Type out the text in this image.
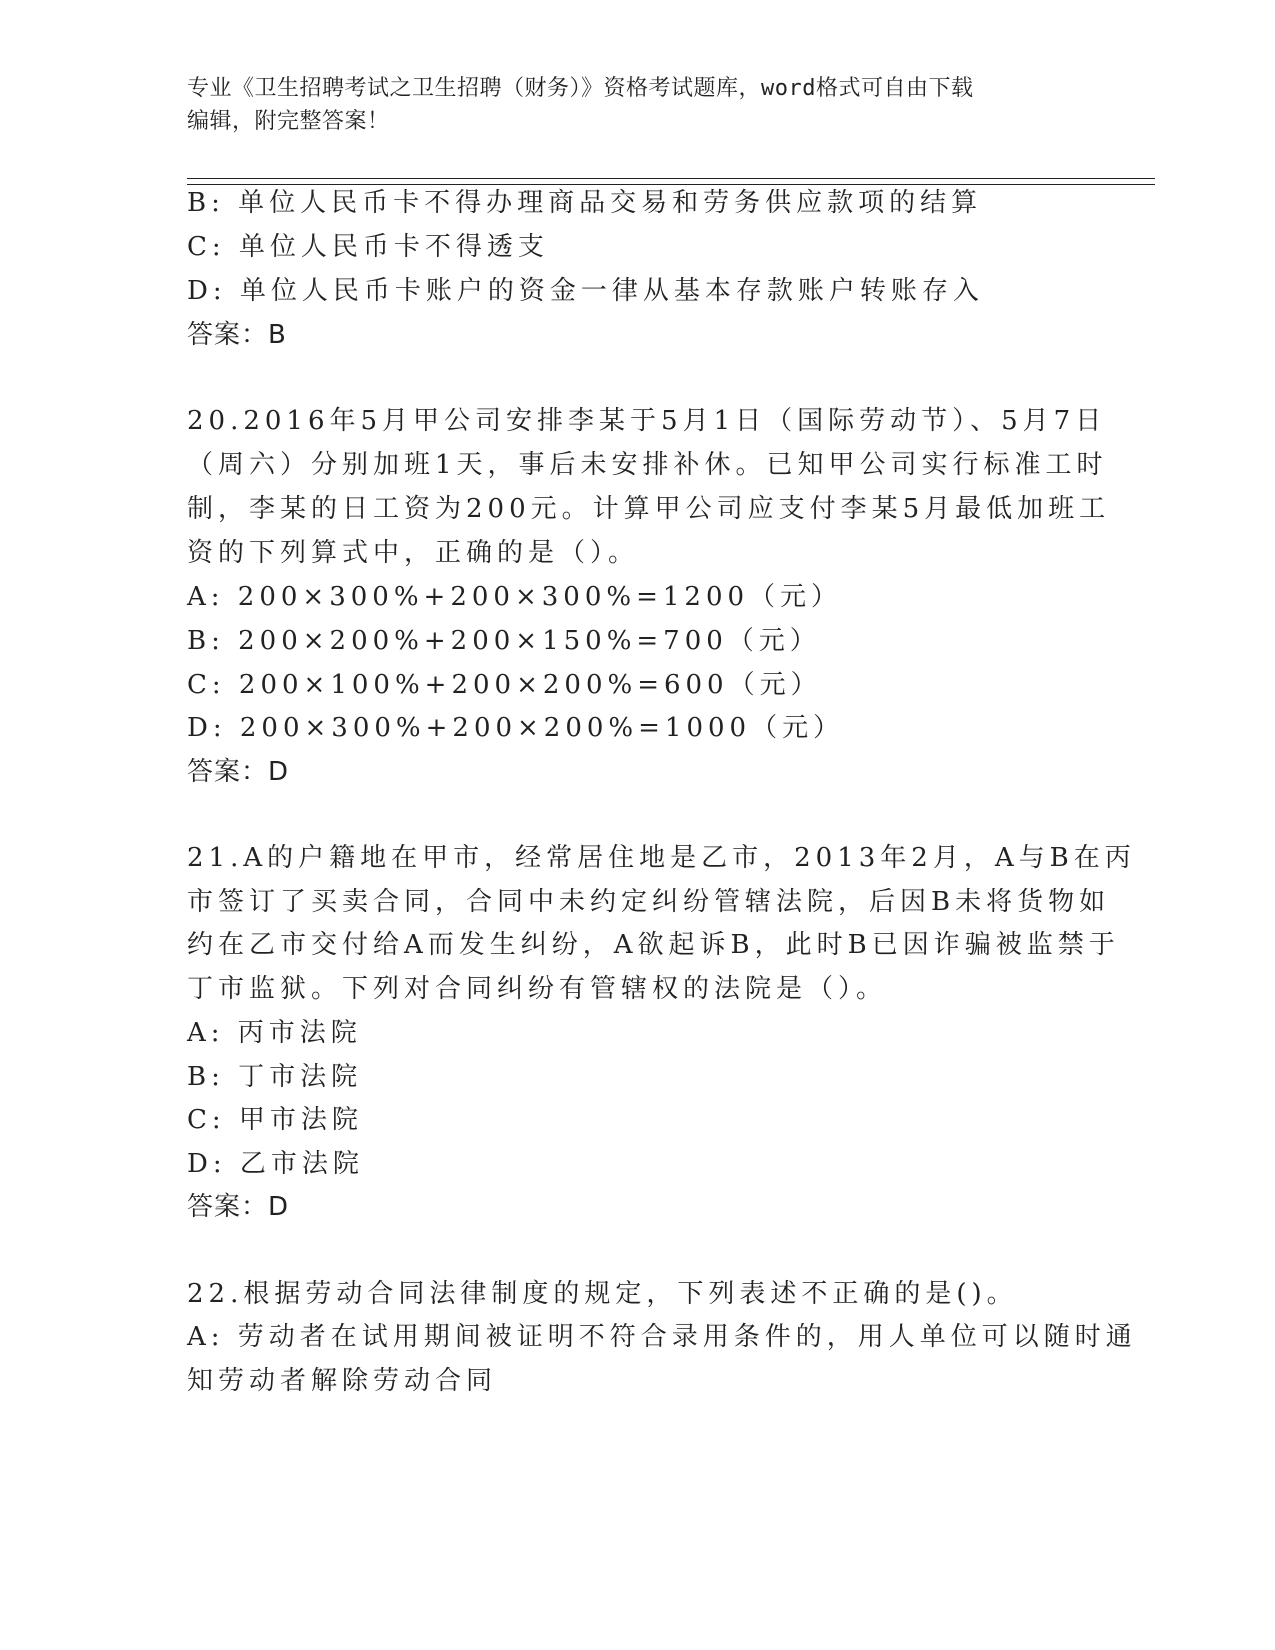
专业《卫生招聘考试之卫生招聘（财务）》资格考试题库，word格式可自由下载
编辑，附完整答案！
B: 单位人民币卡不得办理商品交易和劳务供应款项的结算
C: 单位人民币卡不得透支
D: 单位人民币卡账户的资金一律从基本存款账户转账存入
答案：B
20.2016年5月甲公司安排李某于5月1日（国际劳动节）、5月7日
（周六）分别加班1天，事后未安排补休。已知甲公司实行标准工时
制，李某的日工资为200元。计算甲公司应支付李某5月最低加班工
资的下列算式中，正确的是（）。
A: 200×300%+200×300%=1200（元）
B: 200×200%+200×150%=700（元）
C: 200×100%+200×200%=600（元）
D: 200×300%+200×200%=1000（元）
答案：D
21.A的户籍地在甲市，经常居住地是乙市，2013年2月，A与B在丙
市签订了买卖合同，合同中未约定纠纷管辖法院，后因B未将货物如
约在乙市交付给A而发生纠纷，A欲起诉B，此时B已因诈骗被监禁于
丁市监狱。下列对合同纠纷有管辖权的法院是（）。
A: 丙市法院
B: 丁市法院
C: 甲市法院
D: 乙市法院
答案：D
22.根据劳动合同法律制度的规定，下列表述不正确的是()。
A: 劳动者在试用期间被证明不符合录用条件的，用人单位可以随时通
知劳动者解除劳动合同
